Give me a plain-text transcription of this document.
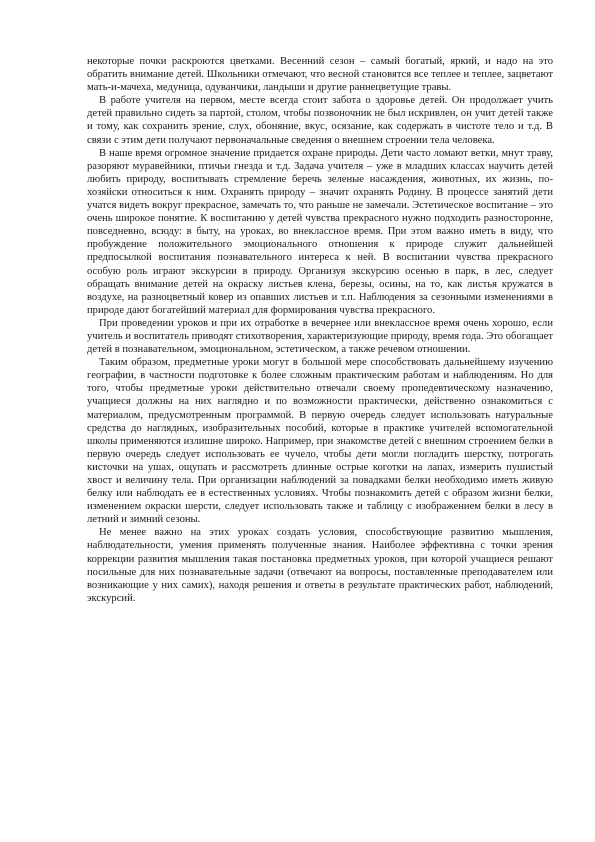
некоторые почки раскроются цветками. Весенний сезон – самый богатый, яркий, и надо на это обратить внимание детей. Школьники отмечают, что весной становятся все теплее и теплее, зацветают мать-и-мачеха, медуница, одуванчики, ландыши и другие раннецветущие травы.

В работе учителя на первом, месте всегда стоит забота о здоровье детей. Он продолжает учить детей правильно сидеть за партой, столом, чтобы позвоночник не был искривлен, он учит детей также и тому, как сохранить зрение, слух, обоняние, вкус, осязание, как содержать в чистоте тело и т.д. В связи с этим дети получают первоначальные сведения о внешнем строении тела человека.

В наше время огромное значение придается охране природы. Дети часто ломают ветки, мнут траву, разоряют муравейники, птичьи гнезда и т.д. Задача учителя – уже в младших классах научить детей любить природу, воспитывать стремление беречь зеленые насаждения, животных, их жизнь, по-хозяйски относиться к ним. Охранять природу – значит охранять Родину. В процессе занятий дети учатся видеть вокруг прекрасное, замечать то, что раньше не замечали. Эстетическое воспитание – это очень широкое понятие. К воспитанию у детей чувства прекрасного нужно подходить разносторонне, повседневно, всюду: в быту, на уроках, во внеклассное время. При этом важно иметь в виду, что пробуждение положительного эмоционального отношения к природе служит дальнейшей предпосылкой воспитания познавательного интереса к ней. В воспитании чувства прекрасного особую роль играют экскурсии в природу. Организуя экскурсию осенью в парк, в лес, следует обращать внимание детей на окраску листьев клена, березы, осины, на то, как листья кружатся в воздухе, на разноцветный ковер из опавших листьев и т.п. Наблюдения за сезонными изменениями в природе дают богатейший материал для формирования чувства прекрасного.

При проведении уроков и при их отработке в вечернее или внеклассное время очень хорошо, если учитель и воспитатель приводят стихотворения, характеризующие природу, время года. Это обогащает детей в познавательном, эмоциональном, эстетическом, а также речевом отношении.

Таким образом, предметные уроки могут в большой мере способствовать дальнейшему изучению географии, в частности подготовке к более сложным практическим работам и наблюдениям. Но для того, чтобы предметные уроки действительно отвечали своему пропедевтическому назначению, учащиеся должны на них наглядно и по возможности практически, действенно ознакомиться с материалом, предусмотренным программой. В первую очередь следует использовать натуральные средства до наглядных, изобразительных пособий, которые в практике учителей вспомогательной школы применяются излишне широко. Например, при знакомстве детей с внешним строением белки в первую очередь следует использовать ее чучело, чтобы дети могли погладить шерстку, потрогать кисточки на ушах, ощупать и рассмотреть длинные острые коготки на лапах, измерить пушистый хвост и величину тела. При организации наблюдений за повадками белки необходимо иметь живую белку или наблюдать ее в естественных условиях. Чтобы познакомить детей с образом жизни белки, изменением окраски шерсти, следует использовать также и таблицу с изображением белки в лесу в летний и зимний сезоны.

Не менее важно на этих уроках создать условия, способствующие развитию мышления, наблюдательности, умения применять полученные знания. Наиболее эффективна с точки зрения коррекции развития мышления такая постановка предметных уроков, при которой учащиеся решают посильные для них познавательные задачи (отвечают на вопросы, поставленные преподавателем или возникающие у них самих), находя решения и ответы в результате практических работ, наблюдений, экскурсий.
